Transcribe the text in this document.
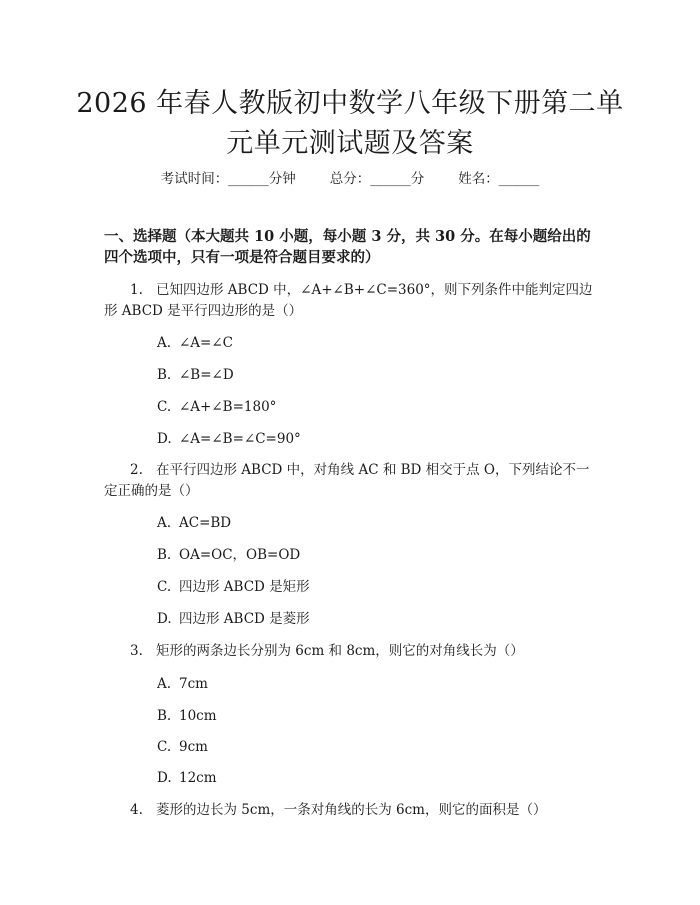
2026 年春人教版初中数学八年级下册第二单
元单元测试题及答案
考试时间：______分钟	总分：______分	姓名：______
一、选择题（本大题共 10 小题，每小题 3 分，共 30 分。在每小题给出的四个选项中，只有一项是符合题目要求的）
1. 已知四边形 ABCD 中，∠A+∠B+∠C=360°，则下列条件中能判定四边形 ABCD 是平行四边形的是（）
A. ∠A=∠C
B. ∠B=∠D
C. ∠A+∠B=180°
D. ∠A=∠B=∠C=90°
2. 在平行四边形 ABCD 中，对角线 AC 和 BD 相交于点 O，下列结论不一定正确的是（）
A. AC=BD
B. OA=OC，OB=OD
C. 四边形 ABCD 是矩形
D. 四边形 ABCD 是菱形
3. 矩形的两条边长分别为 6cm 和 8cm，则它的对角线长为（）
A. 7cm
B. 10cm
C. 9cm
D. 12cm
4. 菱形的边长为 5cm，一条对角线的长为 6cm，则它的面积是（）
